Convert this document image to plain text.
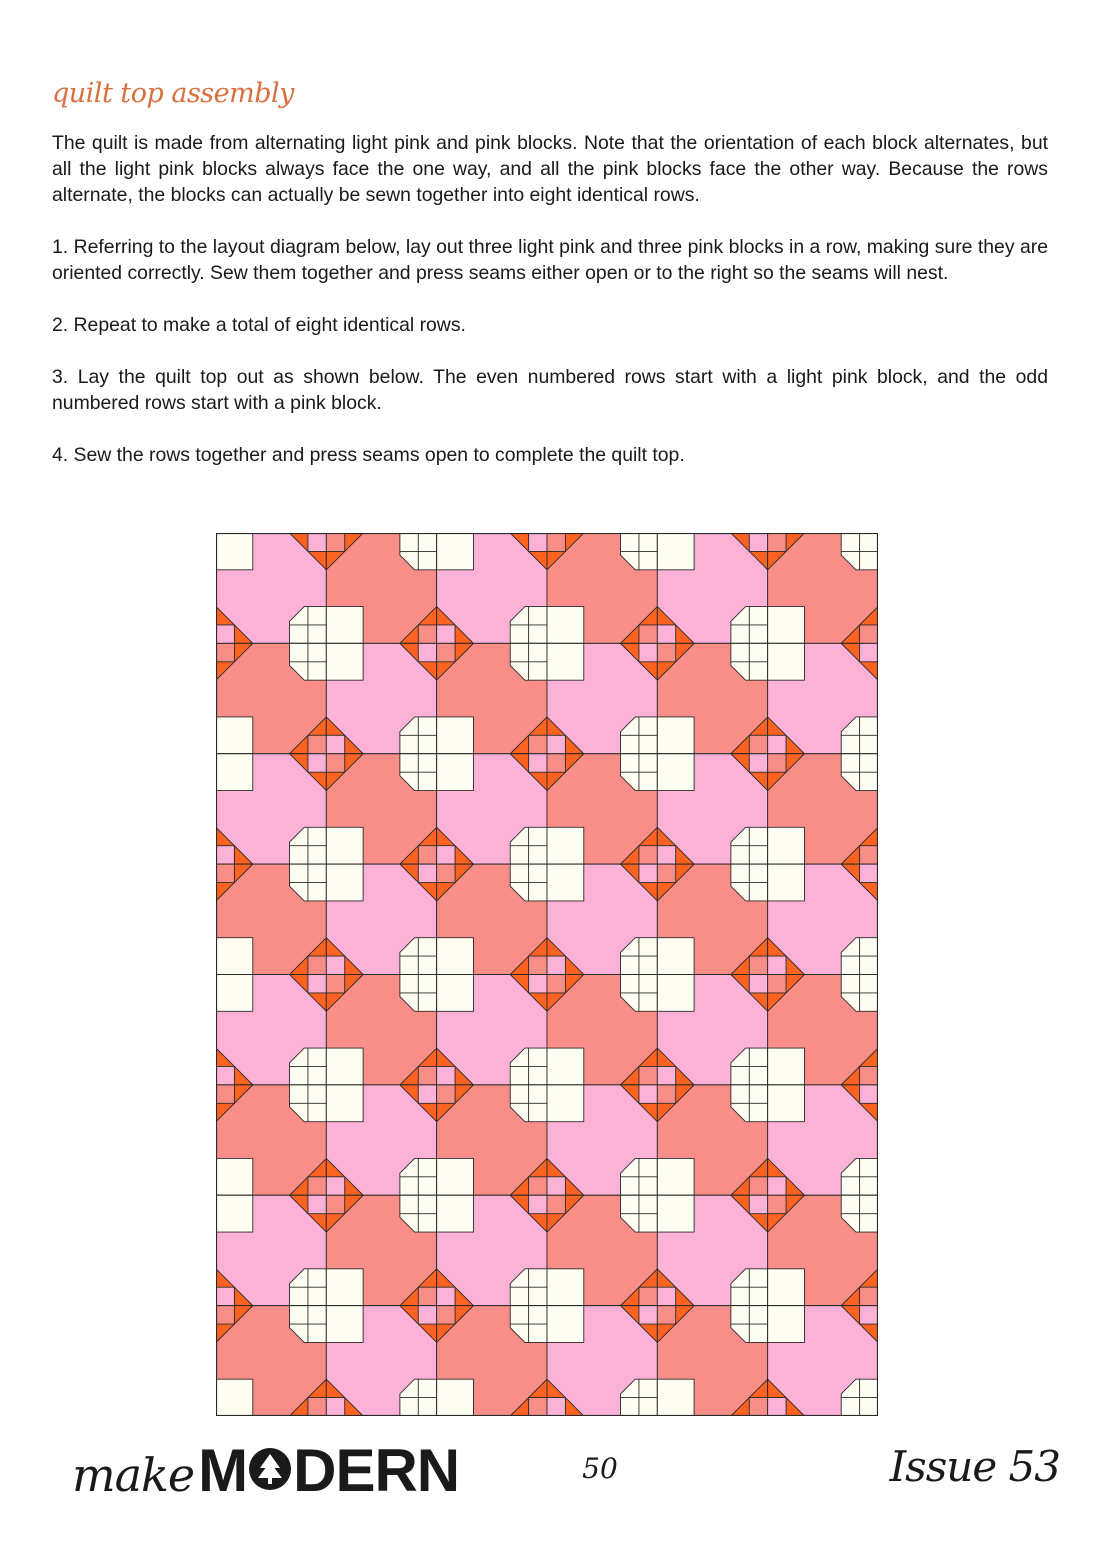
quilt top assembly

The quilt is made from alternating light pink and pink blocks. Note that the orientation of each block alternates, but all the light pink blocks always face the one way, and all the pink blocks face the other way. Because the rows alternate, the blocks can actually be sewn together into eight identical rows.

1. Referring to the layout diagram below, lay out three light pink and three pink blocks in a row, making sure they are oriented correctly. Sew them together and press seams either open or to the right so the seams will nest.

2. Repeat to make a total of eight identical rows.

3. Lay the quilt top out as shown below. The even numbered rows start with a light pink block, and the odd numbered rows start with a pink block.

4. Sew the rows together and press seams open to complete the quilt top.

make M DERN	50	Issue 53
